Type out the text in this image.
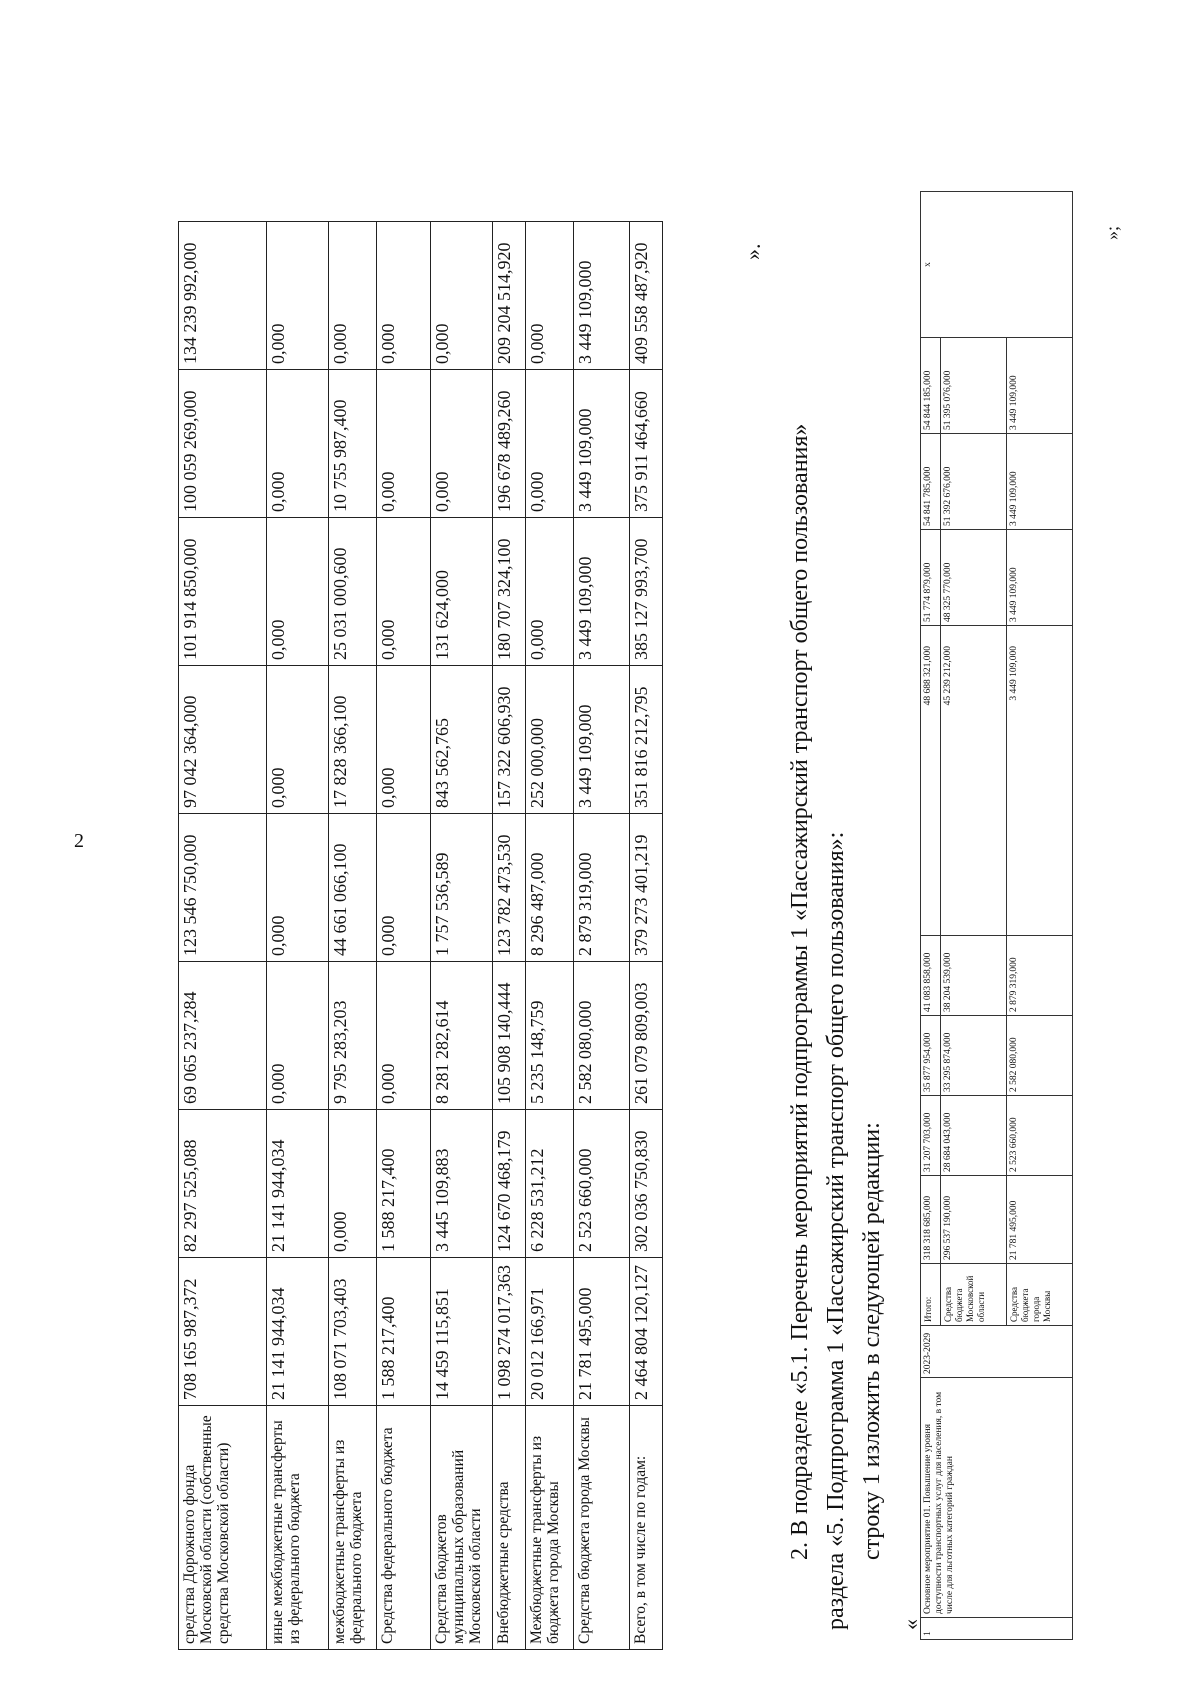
2
средства Дорожного фонда Московской области (собственные средства Московской области)	708 165 987,372	82 297 525,088	69 065 237,284	123 546 750,000	97 042 364,000	101 914 850,000	100 059 269,000	134 239 992,000
иные межбюджетные трансферты из федерального бюджета	21 141 944,034	21 141 944,034	0,000	0,000	0,000	0,000	0,000	0,000
межбюджетные трансферты из федерального бюджета	108 071 703,403	0,000	9 795 283,203	44 661 066,100	17 828 366,100	25 031 000,600	10 755 987,400	0,000
Средства федерального бюджета	1 588 217,400	1 588 217,400	0,000	0,000	0,000	0,000	0,000	0,000
Средства бюджетов муниципальных образований Московской области	14 459 115,851	3 445 109,883	8 281 282,614	1 757 536,589	843 562,765	131 624,000	0,000	0,000
Внебюджетные средства	1 098 274 017,363	124 670 468,179	105 908 140,444	123 782 473,530	157 322 606,930	180 707 324,100	196 678 489,260	209 204 514,920
Межбюджетные трансферты из бюджета города Москвы	20 012 166,971	6 228 531,212	5 235 148,759	8 296 487,000	252 000,000	0,000	0,000	0,000
Средства бюджета города Москвы	21 781 495,000	2 523 660,000	2 582 080,000	2 879 319,000	3 449 109,000	3 449 109,000	3 449 109,000	3 449 109,000
Всего, в том числе по годам:	2 464 804 120,127	302 036 750,830	261 079 809,003	379 273 401,219	351 816 212,795	385 127 993,700	375 911 464,660	409 558 487,920	».
2. В подразделе «5.1. Перечень мероприятий подпрограммы 1 «Пассажирский транспорт общего пользования» раздела «5. Подпрограмма 1 «Пассажирский транспорт общего пользования»: строку 1 изложить в следующей редакции:
«
1	Основное мероприятие 01. Повышение уровня доступности транспортных услуг для населения, в том числе для льготных категорий граждан	2023-2029	Итого:	318 318 685,000	31 207 703,000	35 877 954,000	41 083 858,000	48 688 321,000	51 774 879,000	54 841 785,000	54 844 185,000	x
			Средства бюджета Московской области	296 537 190,000	28 684 043,000	33 295 874,000	38 204 539,000	45 239 212,000	48 325 770,000	51 392 676,000	51 395 076,000	
			Средства бюджета города Москвы	21 781 495,000	2 523 660,000	2 582 080,000	2 879 319,000	3 449 109,000	3 449 109,000	3 449 109,000	3 449 109,000	
»;
